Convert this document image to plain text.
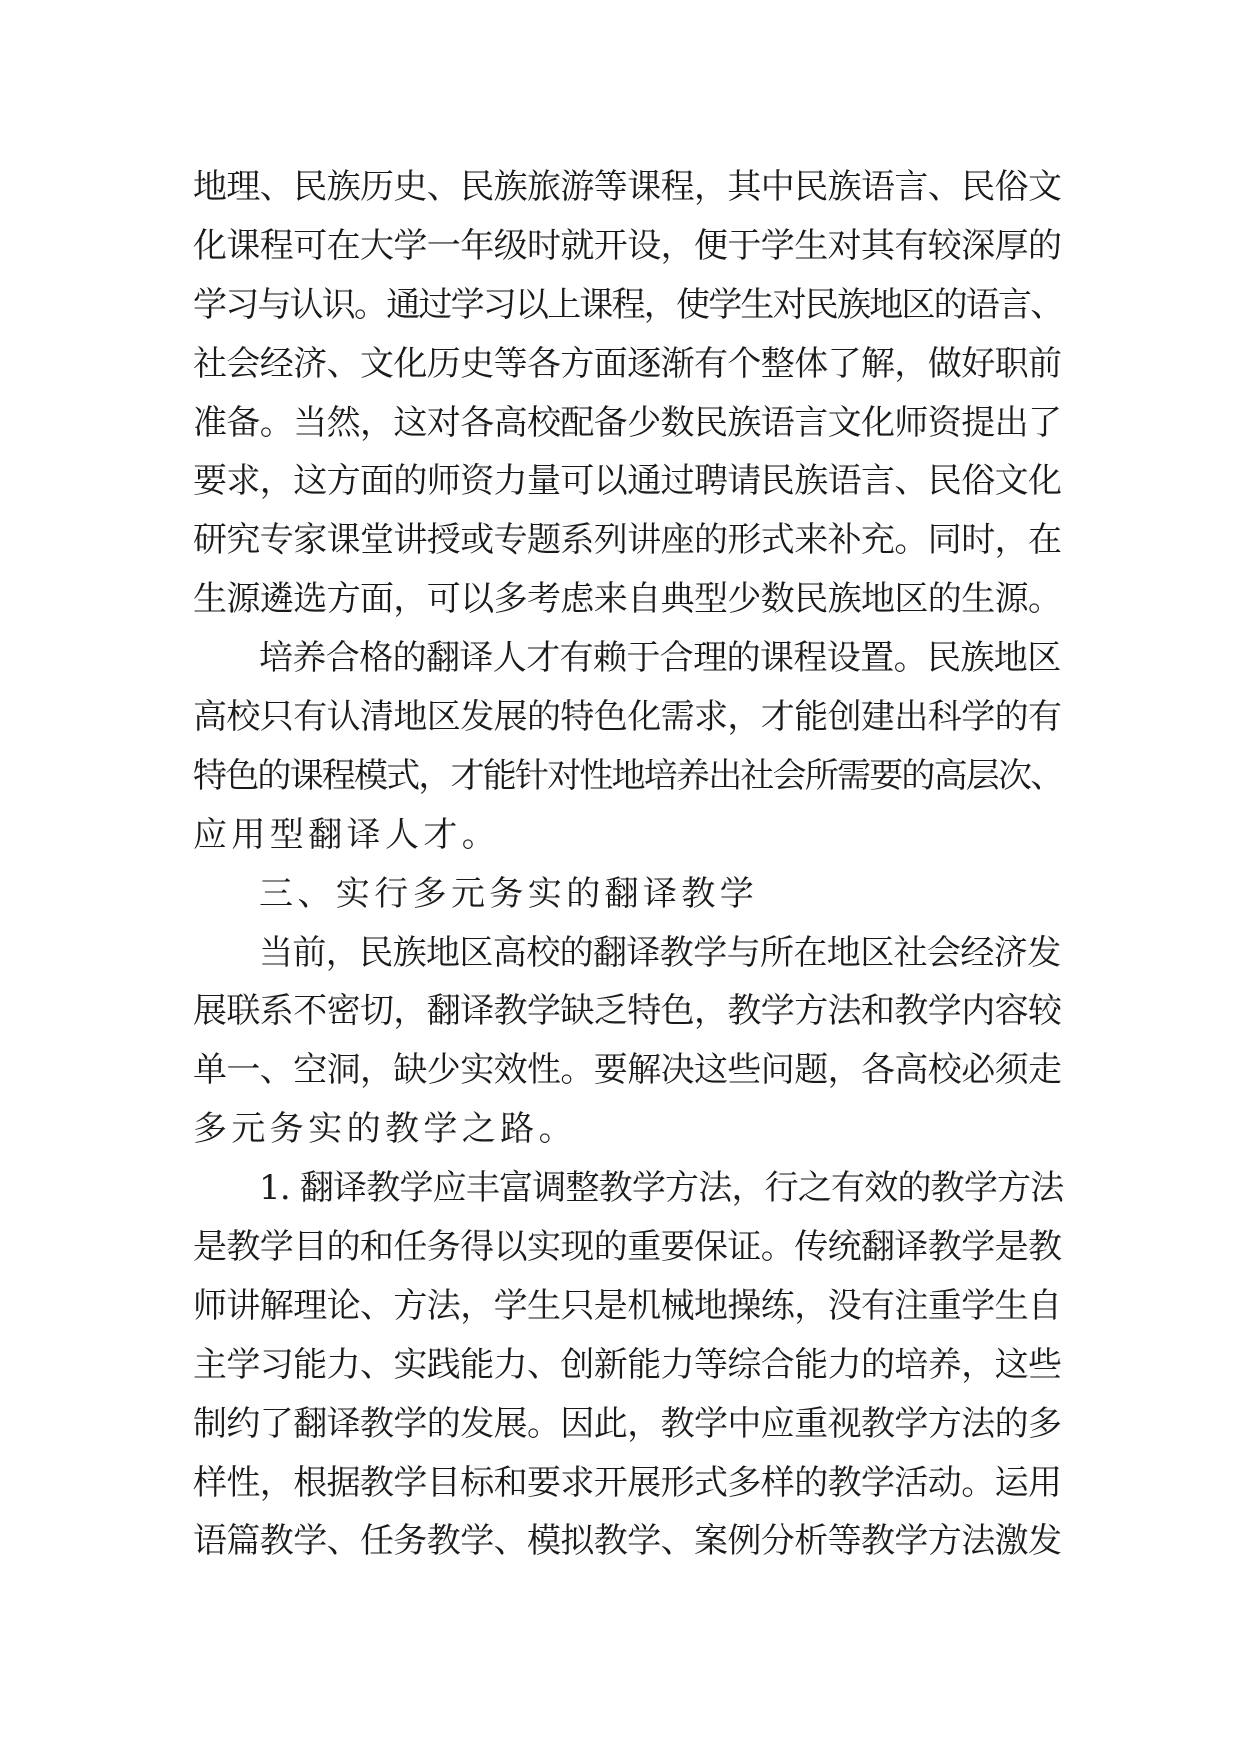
地理、民族历史、民族旅游等课程，其中民族语言、民俗文
化课程可在大学一年级时就开设，便于学生对其有较深厚的
学习与认识。通过学习以上课程，使学生对民族地区的语言、
社会经济、文化历史等各方面逐渐有个整体了解，做好职前
准备。当然，这对各高校配备少数民族语言文化师资提出了
要求，这方面的师资力量可以通过聘请民族语言、民俗文化
研究专家课堂讲授或专题系列讲座的形式来补充。同时，在
生源遴选方面，可以多考虑来自典型少数民族地区的生源。
培养合格的翻译人才有赖于合理的课程设置。民族地区
高校只有认清地区发展的特色化需求，才能创建出科学的有
特色的课程模式，才能针对性地培养出社会所需要的高层次、
应用型翻译人才。
三、实行多元务实的翻译教学
当前，民族地区高校的翻译教学与所在地区社会经济发
展联系不密切，翻译教学缺乏特色，教学方法和教学内容较
单一、空洞，缺少实效性。要解决这些问题，各高校必须走
多元务实的教学之路。
1. 翻译教学应丰富调整教学方法，行之有效的教学方法
是教学目的和任务得以实现的重要保证。传统翻译教学是教
师讲解理论、方法，学生只是机械地操练，没有注重学生自
主学习能力、实践能力、创新能力等综合能力的培养，这些
制约了翻译教学的发展。因此，教学中应重视教学方法的多
样性，根据教学目标和要求开展形式多样的教学活动。运用
语篇教学、任务教学、模拟教学、案例分析等教学方法激发
